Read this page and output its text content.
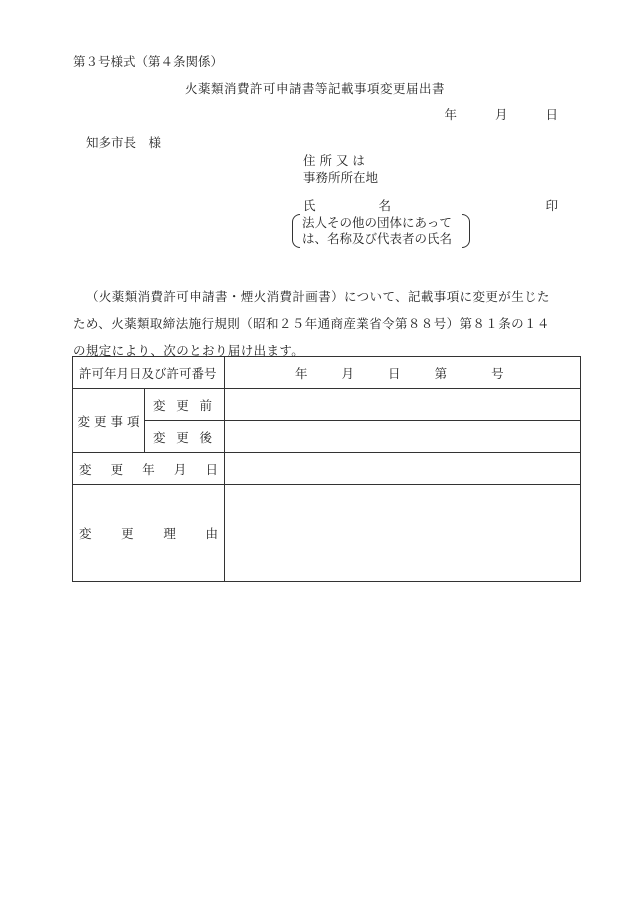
第３号様式（第４条関係）
火薬類消費許可申請書等記載事項変更届出書
年	月	日
知多市長　様
住 所 又 は
事務所所在地
氏	名	印
法人その他の団体にあって
は、名称及び代表者の氏名

（火薬類消費許可申請書・煙火消費計画書）について、記載事項に変更が生じた

ため、火薬類取締法施行規則（昭和２５年通商産業省令第８８号）第８１条の１４

の規定により、次のとおり届け出ます。

許可年月日及び許可番号		年 月 日 第 号

変 更 事 項	変 更 前	

	変 更 後	

変 更 年 月 日		

変 更 理 由		
